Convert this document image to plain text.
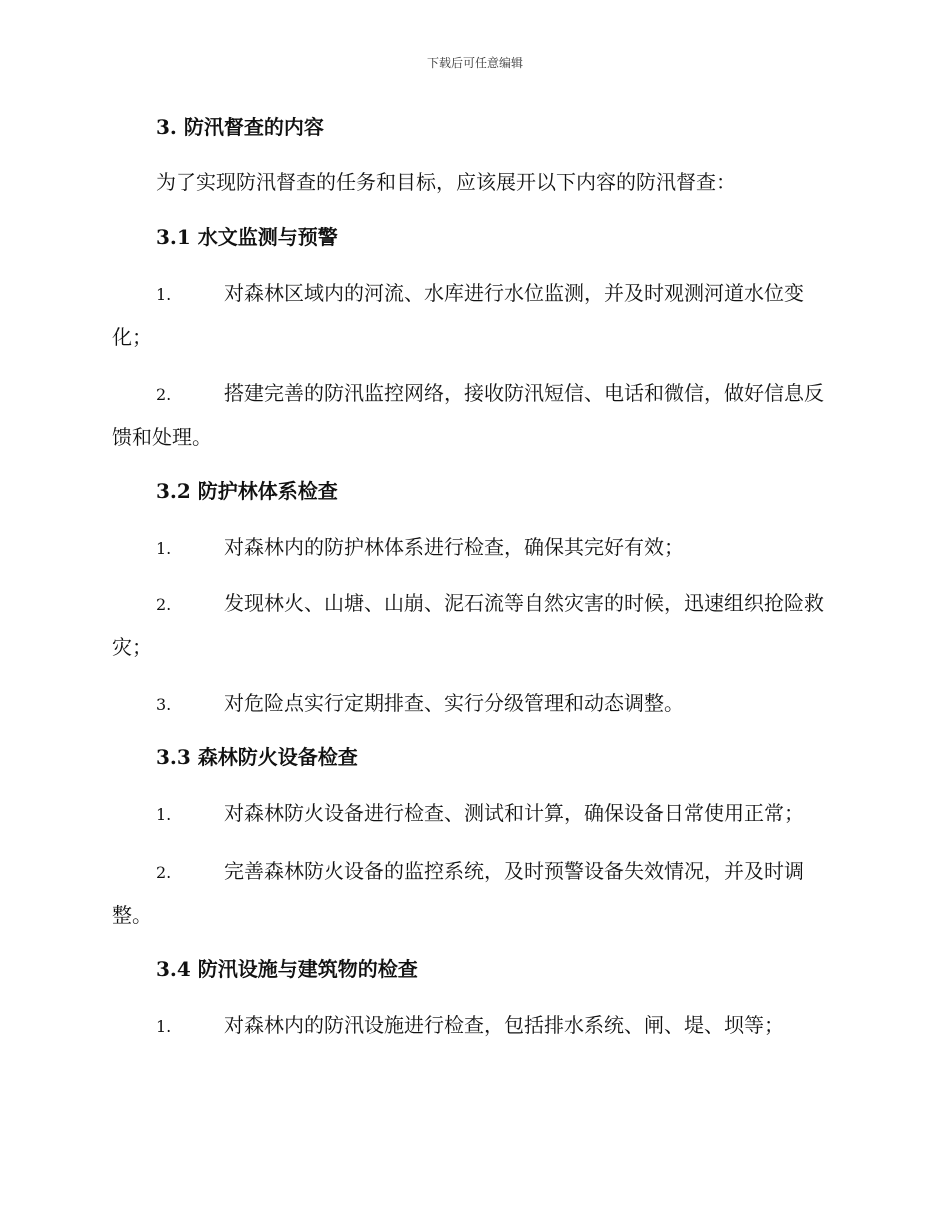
下载后可任意编辑

3. 防汛督查的内容

为了实现防汛督查的任务和目标，应该展开以下内容的防汛督查：

3.1 水文监测与预警

1.	对森林区域内的河流、水库进行水位监测，并及时观测河道水位变化；

2.	搭建完善的防汛监控网络，接收防汛短信、电话和微信，做好信息反馈和处理。

3.2 防护林体系检查

1.	对森林内的防护林体系进行检查，确保其完好有效；

2.	发现林火、山塘、山崩、泥石流等自然灾害的时候，迅速组织抢险救灾；

3.	对危险点实行定期排查、实行分级管理和动态调整。

3.3 森林防火设备检查

1.	对森林防火设备进行检查、测试和计算，确保设备日常使用正常；

2.	完善森林防火设备的监控系统，及时预警设备失效情况，并及时调整。

3.4 防汛设施与建筑物的检查

1.	对森林内的防汛设施进行检查，包括排水系统、闸、堤、坝等；
